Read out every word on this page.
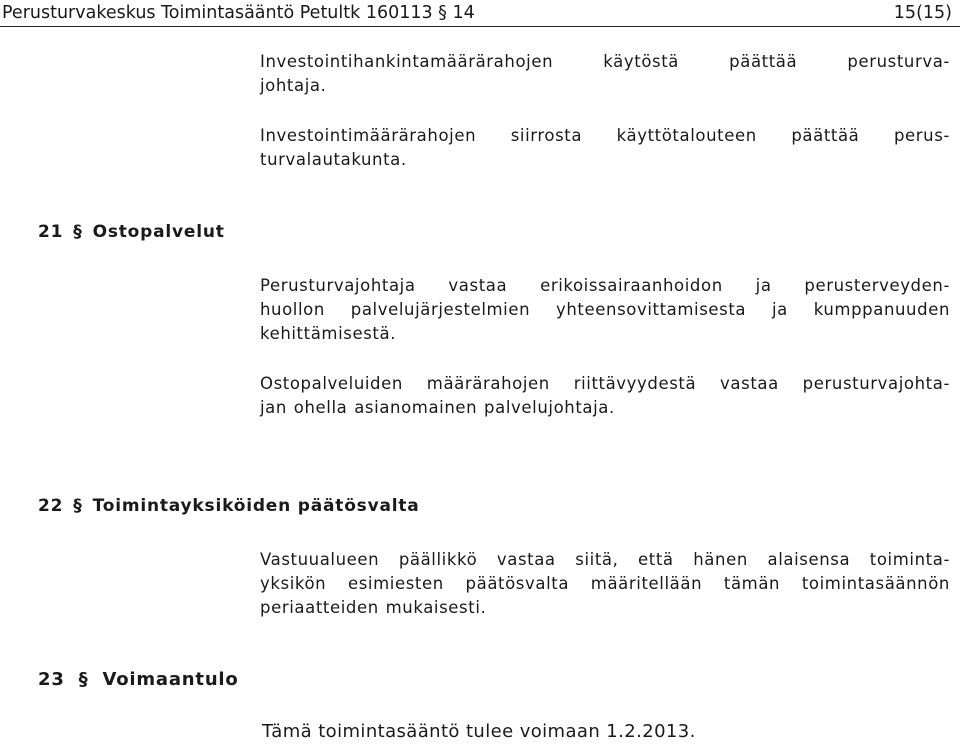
Perusturvakeskus Toimintasääntö Petultk 160113 § 14	15(15)
Investointihankintamäärärahojen käytöstä päättää perusturva-
johtaja.
Investointimäärärahojen siirrosta käyttötalouteen päättää perus-
turvalautakunta.
21 § Ostopalvelut
Perusturvajohtaja vastaa erikoissairaanhoidon ja perusterveyden-
huollon palvelujärjestelmien yhteensovittamisesta ja kumppanuuden
kehittämisestä.
Ostopalveluiden määrärahojen riittävyydestä vastaa perusturvajohta-
jan ohella asianomainen palvelujohtaja.
22 § Toimintayksiköiden päätösvalta
Vastuualueen päällikkö vastaa siitä, että hänen alaisensa toiminta-
yksikön esimiesten päätösvalta määritellään tämän toimintasäännön
periaatteiden mukaisesti.
23 § Voimaantulo
Tämä toimintasääntö tulee voimaan 1.2.2013.
